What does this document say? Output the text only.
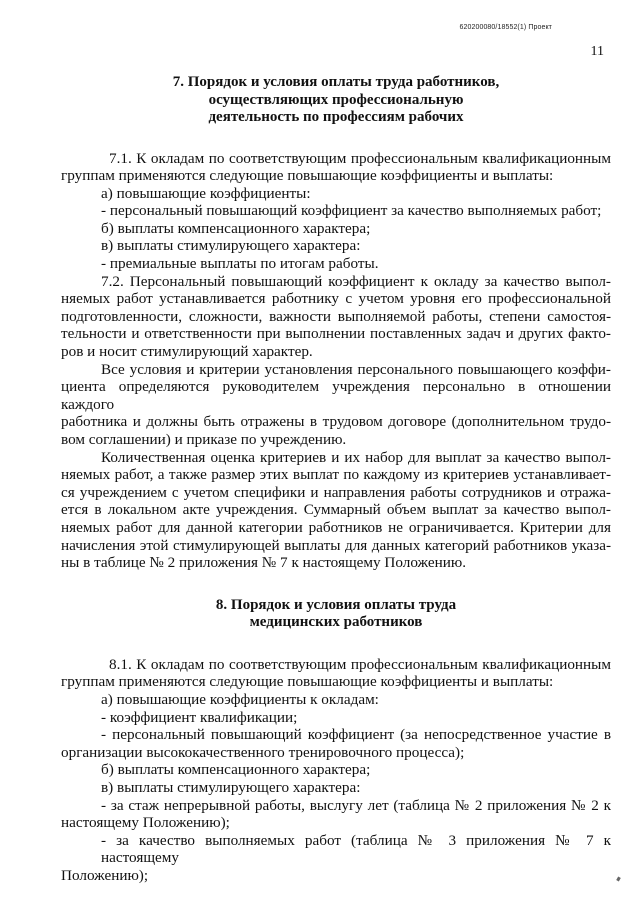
620200080/18552(1) Проект
11
7. Порядок и условия оплаты труда работников,
осуществляющих профессиональную
деятельность по профессиям рабочих
7.1. К окладам по соответствующим профессиональным квалификационным
группам применяются следующие повышающие коэффициенты и выплаты:
а) повышающие коэффициенты:
- персональный повышающий коэффициент за качество выполняемых работ;
б) выплаты компенсационного характера;
в) выплаты стимулирующего характера:
- премиальные выплаты по итогам работы.
7.2. Персональный повышающий коэффициент к окладу за качество выпол-
няемых работ устанавливается работнику с учетом уровня его профессиональной
подготовленности, сложности, важности выполняемой работы, степени самостоя-
тельности и ответственности при выполнении поставленных задач и других факто-
ров и носит стимулирующий характер.
Все условия и критерии установления персонального повышающего коэффи-
циента определяются руководителем учреждения персонально в отношении каждого
работника и должны быть отражены в трудовом договоре (дополнительном трудо-
вом соглашении) и приказе по учреждению.
Количественная оценка критериев и их набор для выплат за качество выпол-
няемых работ, а также размер этих выплат по каждому из критериев устанавливает-
ся учреждением с учетом специфики и направления работы сотрудников и отража-
ется в локальном акте учреждения. Суммарный объем выплат за качество выпол-
няемых работ для данной категории работников не ограничивается. Критерии для
начисления этой стимулирующей выплаты для данных категорий работников указа-
ны в таблице № 2 приложения № 7 к настоящему Положению.
8. Порядок и условия оплаты труда
медицинских работников
8.1. К окладам по соответствующим профессиональным квалификационным
группам применяются следующие повышающие коэффициенты и выплаты:
а) повышающие коэффициенты к окладам:
- коэффициент квалификации;
- персональный повышающий коэффициент (за непосредственное участие в
организации высококачественного тренировочного процесса);
б) выплаты компенсационного характера;
в) выплаты стимулирующего характера:
- за стаж непрерывной работы, выслугу лет (таблица № 2 приложения № 2 к
настоящему Положению);
- за качество выполняемых работ (таблица № 3 приложения № 7 к настоящему
Положению);
